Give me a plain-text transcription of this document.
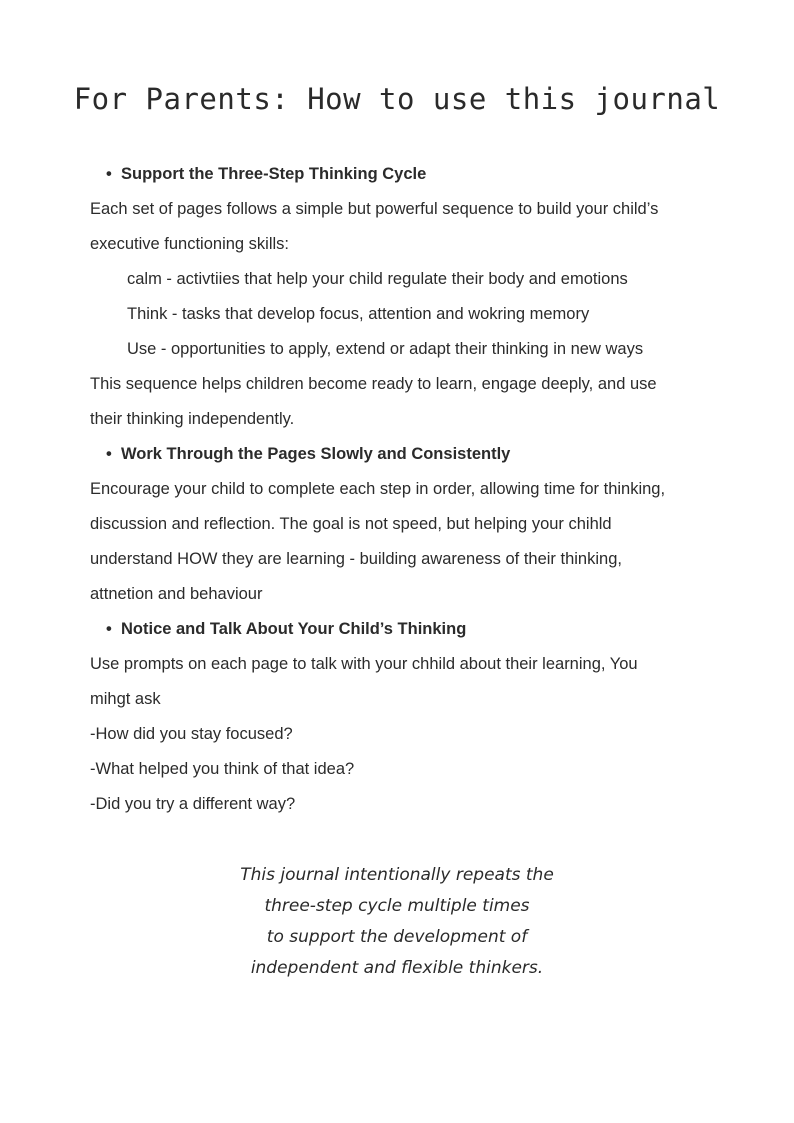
For Parents: How to use this journal
• Support the Three-Step Thinking Cycle
Each set of pages follows a simple but powerful sequence to build your child’s
executive functioning skills:
calm - activtiies that help your child regulate their body and emotions
Think - tasks that develop focus, attention and wokring memory
Use - opportunities to apply, extend or adapt their thinking in new ways
This sequence helps children become ready to learn, engage deeply, and use
their thinking independently.
• Work Through the Pages Slowly and Consistently
Encourage your child to complete each step in order, allowing time for thinking,
discussion and reflection. The goal is not speed, but helping your chihld
understand HOW they are learning - building awareness of their thinking,
attnetion and behaviour
• Notice and Talk About Your Child’s Thinking
Use prompts on each page to talk with your chhild about their learning, You
mihgt ask
-How did you stay focused?
-What helped you think of that idea?
-Did you try a different way?
This journal intentionally repeats the
three-step cycle multiple times
to support the development of
independent and flexible thinkers.
